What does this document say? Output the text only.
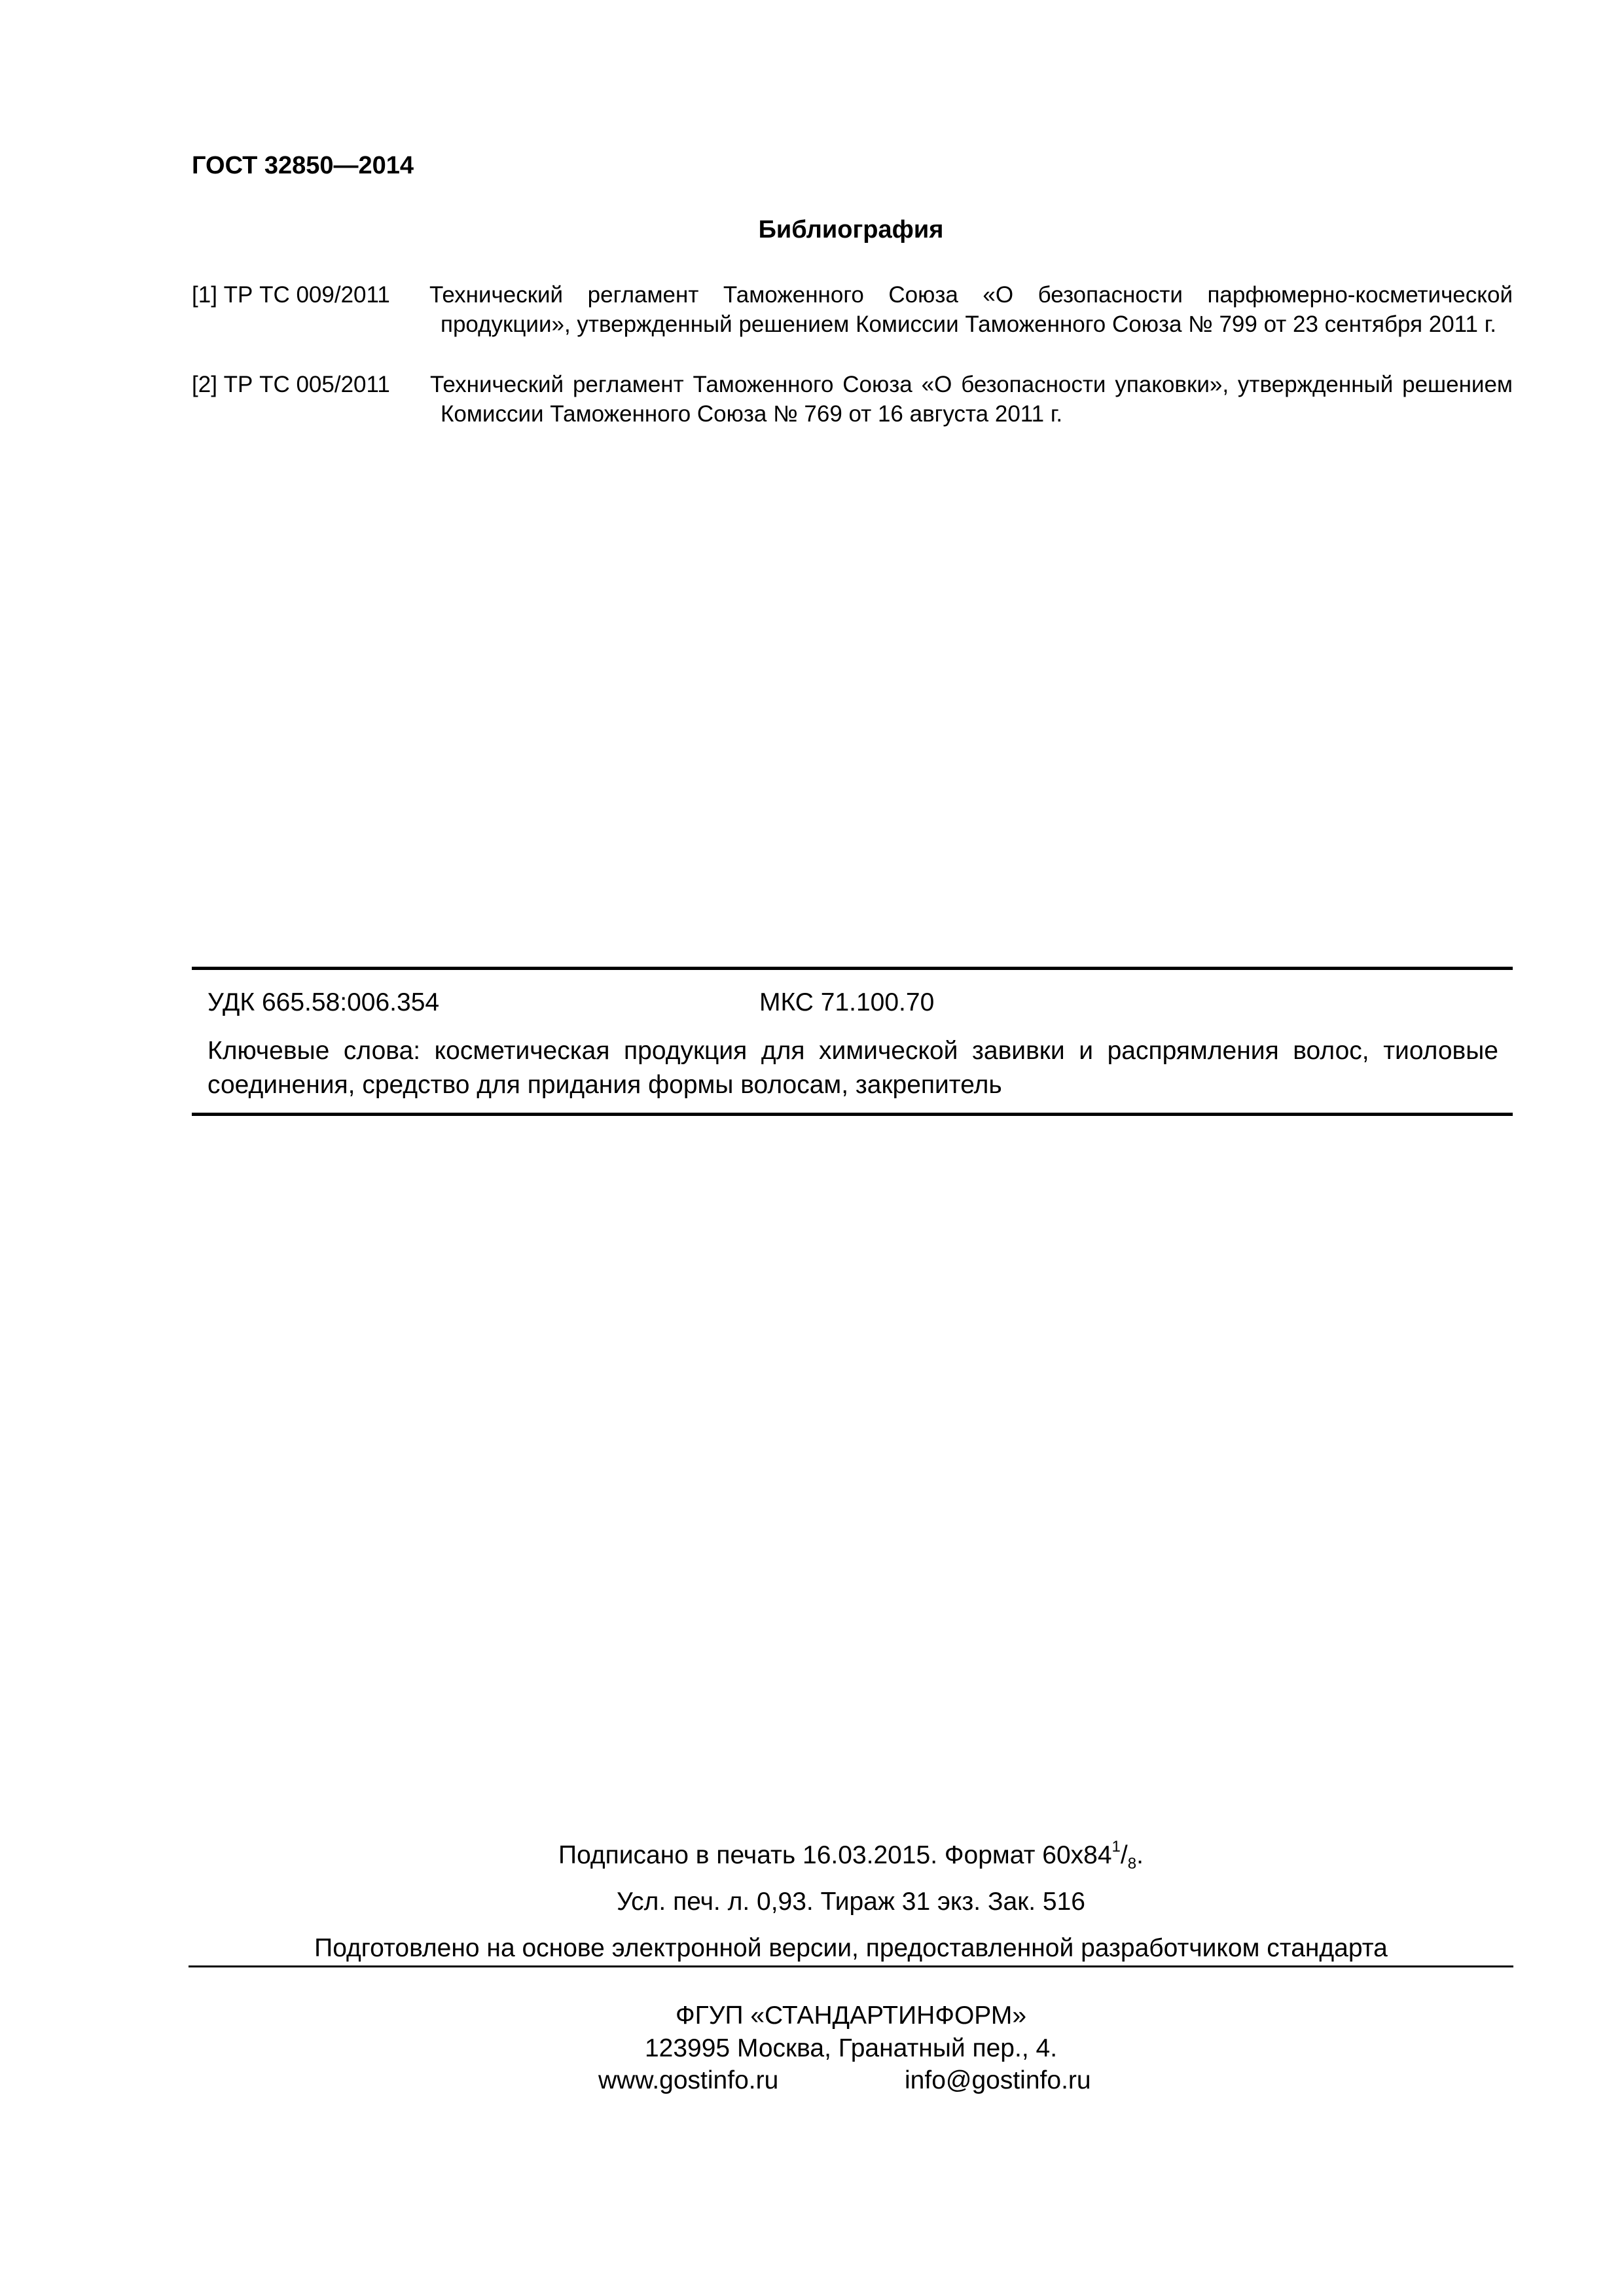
ГОСТ 32850—2014
Библиография
[1] ТР ТС 009/2011 Технический регламент Таможенного Союза «О безопасности парфюмерно-косметической продукции», утвержденный решением Комиссии Таможенного Союза № 799 от 23 сентября 2011 г.
[2] ТР ТС 005/2011 Технический регламент Таможенного Союза «О безопасности упаковки», утвержденный решением Комиссии Таможенного Союза № 769 от 16 августа 2011 г.
УДК 665.58:006.354	МКС 71.100.70
Ключевые слова: косметическая продукция для химической завивки и распрямления волос, тиоловые соединения, средство для придания формы волосам, закрепитель
Подписано в печать 16.03.2015. Формат $60x84^1/_8$.
Усл. печ. л. 0,93. Тираж 31 экз. Зак. 516
Подготовлено на основе электронной версии, предоставленной разработчиком стандарта
ФГУП «СТАНДАРТИНФОРМ»
123995 Москва, Гранатный пер., 4.
www.gostinfo.ru	info@gostinfo.ru
